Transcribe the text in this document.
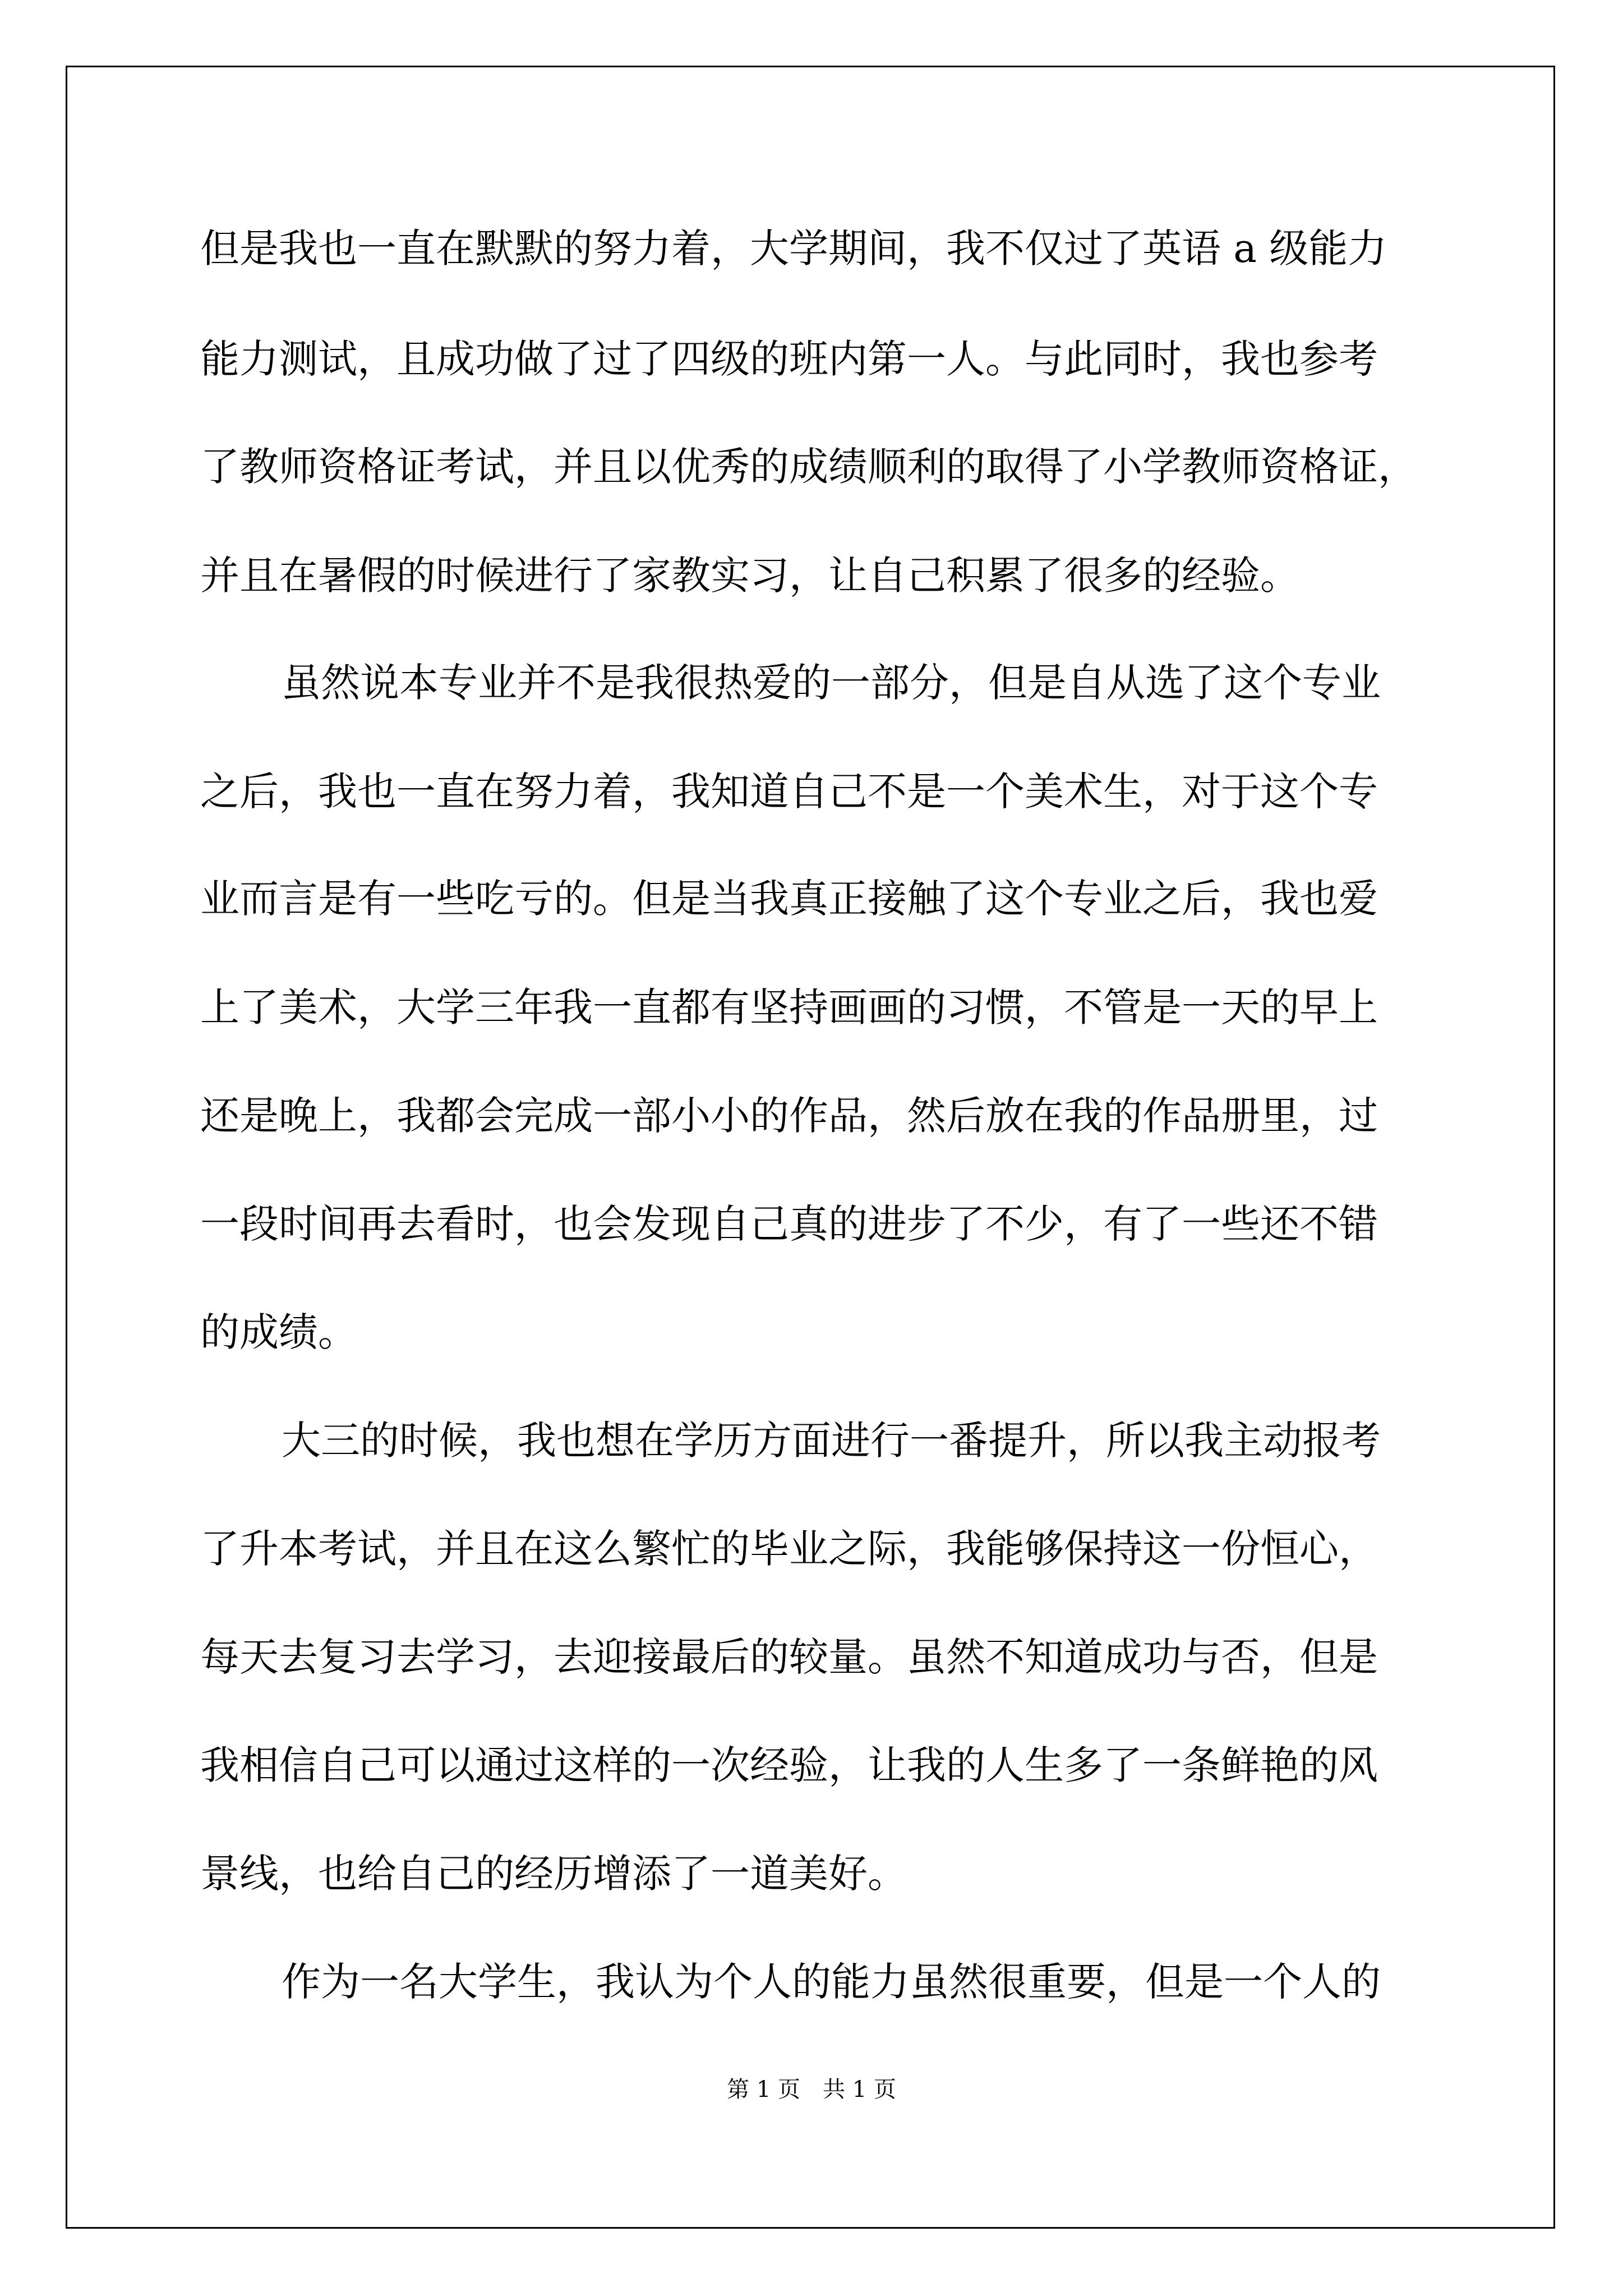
但是我也一直在默默的努力着，大学期间，我不仅过了英语 a 级能力

能力测试，且成功做了过了四级的班内第一人。与此同时，我也参考

了教师资格证考试，并且以优秀的成绩顺利的取得了小学教师资格证，

并且在暑假的时候进行了家教实习，让自己积累了很多的经验。

虽然说本专业并不是我很热爱的一部分，但是自从选了这个专业

之后，我也一直在努力着，我知道自己不是一个美术生，对于这个专

业而言是有一些吃亏的。但是当我真正接触了这个专业之后，我也爱

上了美术，大学三年我一直都有坚持画画的习惯，不管是一天的早上

还是晚上，我都会完成一部小小的作品，然后放在我的作品册里，过

一段时间再去看时，也会发现自己真的进步了不少，有了一些还不错

的成绩。

大三的时候，我也想在学历方面进行一番提升，所以我主动报考

了升本考试，并且在这么繁忙的毕业之际，我能够保持这一份恒心，

每天去复习去学习，去迎接最后的较量。虽然不知道成功与否，但是

我相信自己可以通过这样的一次经验，让我的人生多了一条鲜艳的风

景线，也给自己的经历增添了一道美好。

作为一名大学生，我认为个人的能力虽然很重要，但是一个人的

第 1 页　共 1 页
